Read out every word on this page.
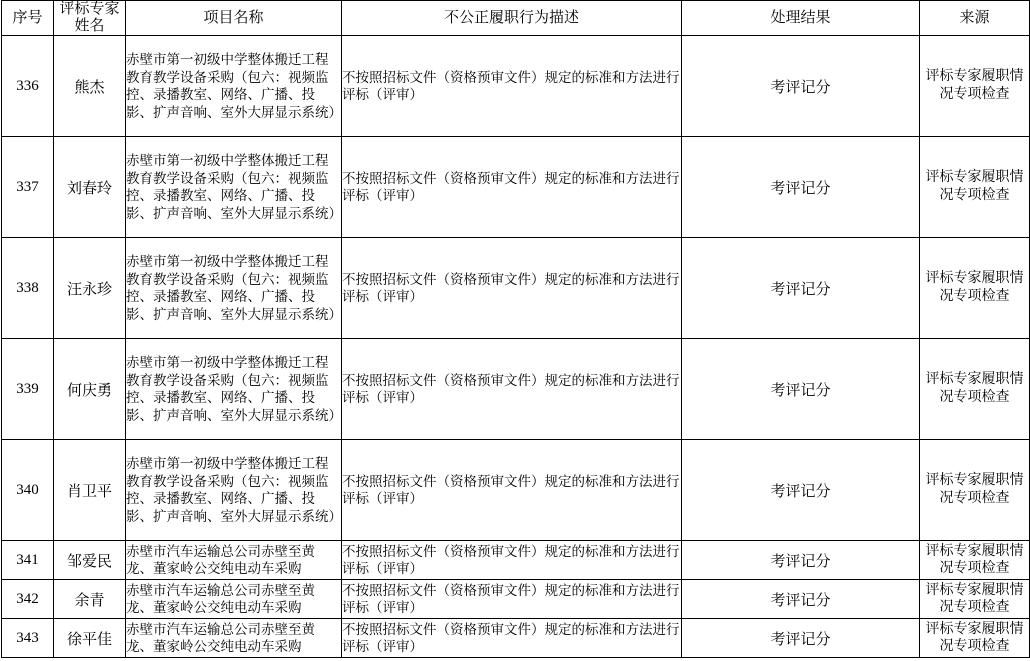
序号	评标专家姓名	项目名称	不公正履职行为描述	处理结果	来源
336	熊杰	赤壁市第一初级中学整体搬迁工程教育教学设备采购（包六：视频监控、录播教室、网络、广播、投影、扩声音响、室外大屏显示系统）	不按照招标文件（资格预审文件）规定的标准和方法进行评标（评审）	考评记分	评标专家履职情况专项检查
337	刘春玲	赤壁市第一初级中学整体搬迁工程教育教学设备采购（包六：视频监控、录播教室、网络、广播、投影、扩声音响、室外大屏显示系统）	不按照招标文件（资格预审文件）规定的标准和方法进行评标（评审）	考评记分	评标专家履职情况专项检查
338	汪永珍	赤壁市第一初级中学整体搬迁工程教育教学设备采购（包六：视频监控、录播教室、网络、广播、投影、扩声音响、室外大屏显示系统）	不按照招标文件（资格预审文件）规定的标准和方法进行评标（评审）	考评记分	评标专家履职情况专项检查
339	何庆勇	赤壁市第一初级中学整体搬迁工程教育教学设备采购（包六：视频监控、录播教室、网络、广播、投影、扩声音响、室外大屏显示系统）	不按照招标文件（资格预审文件）规定的标准和方法进行评标（评审）	考评记分	评标专家履职情况专项检查
340	肖卫平	赤壁市第一初级中学整体搬迁工程教育教学设备采购（包六：视频监控、录播教室、网络、广播、投影、扩声音响、室外大屏显示系统）	不按照招标文件（资格预审文件）规定的标准和方法进行评标（评审）	考评记分	评标专家履职情况专项检查
341	邹爱民	赤壁市汽车运输总公司赤壁至黄龙、董家岭公交纯电动车采购	不按照招标文件（资格预审文件）规定的标准和方法进行评标（评审）	考评记分	评标专家履职情况专项检查
342	余青	赤壁市汽车运输总公司赤壁至黄龙、董家岭公交纯电动车采购	不按照招标文件（资格预审文件）规定的标准和方法进行评标（评审）	考评记分	评标专家履职情况专项检查
343	徐平佳	赤壁市汽车运输总公司赤壁至黄龙、董家岭公交纯电动车采购	不按照招标文件（资格预审文件）规定的标准和方法进行评标（评审）	考评记分	评标专家履职情况专项检查
